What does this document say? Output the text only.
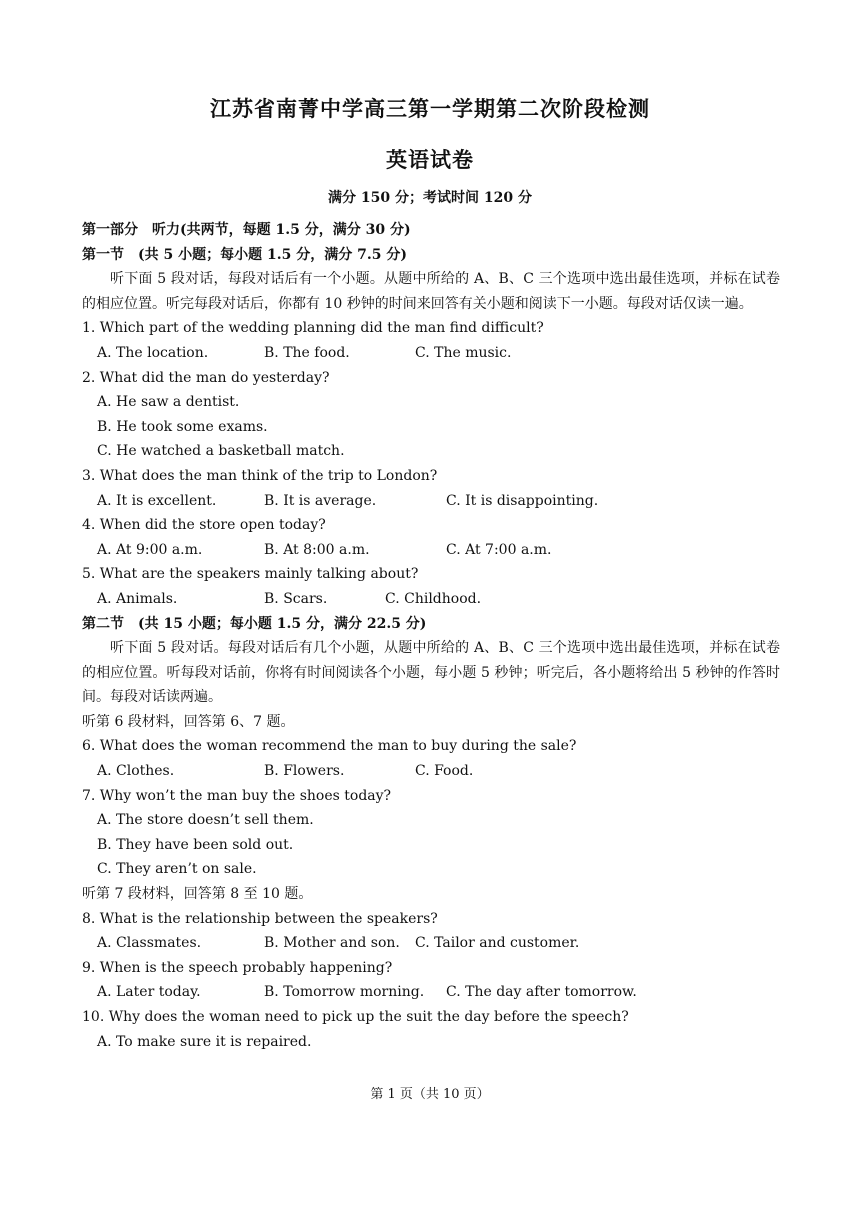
江苏省南菁中学高三第一学期第二次阶段检测
英语试卷
满分 150 分；考试时间 120 分
第一部分　听力(共两节，每题 1.5 分，满分 30 分)
第一节　(共 5 小题；每小题 1.5 分，满分 7.5 分)
听下面 5 段对话，每段对话后有一个小题。从题中所给的 A、B、C 三个选项中选出最佳选项，并标在试卷的相应位置。听完每段对话后，你都有 10 秒钟的时间来回答有关小题和阅读下一小题。每段对话仅读一遍。
1. Which part of the wedding planning did the man find difficult?
A. The location.	B. The food.	C. The music.
2. What did the man do yesterday?
A. He saw a dentist.
B. He took some exams.
C. He watched a basketball match.
3. What does the man think of the trip to London?
A. It is excellent.	B. It is average.	C. It is disappointing.
4. When did the store open today?
A. At 9:00 a.m.	B. At 8:00 a.m.	C. At 7:00 a.m.
5. What are the speakers mainly talking about?
A. Animals.	B. Scars.	C. Childhood.
第二节　(共 15 小题；每小题 1.5 分，满分 22.5 分)
听下面 5 段对话。每段对话后有几个小题，从题中所给的 A、B、C 三个选项中选出最佳选项，并标在试卷的相应位置。听每段对话前，你将有时间阅读各个小题，每小题 5 秒钟；听完后，各小题将给出 5 秒钟的作答时间。每段对话读两遍。
听第 6 段材料，回答第 6、7 题。
6. What does the woman recommend the man to buy during the sale?
A. Clothes.	B. Flowers.	C. Food.
7. Why won’t the man buy the shoes today?
A. The store doesn’t sell them.
B. They have been sold out.
C. They aren’t on sale.
听第 7 段材料，回答第 8 至 10 题。
8. What is the relationship between the speakers?
A. Classmates.	B. Mother and son. C. Tailor and customer.
9. When is the speech probably happening?
A. Later today.	B. Tomorrow morning. C. The day after tomorrow.
10. Why does the woman need to pick up the suit the day before the speech?
A. To make sure it is repaired.
第 1 页（共 10 页）
